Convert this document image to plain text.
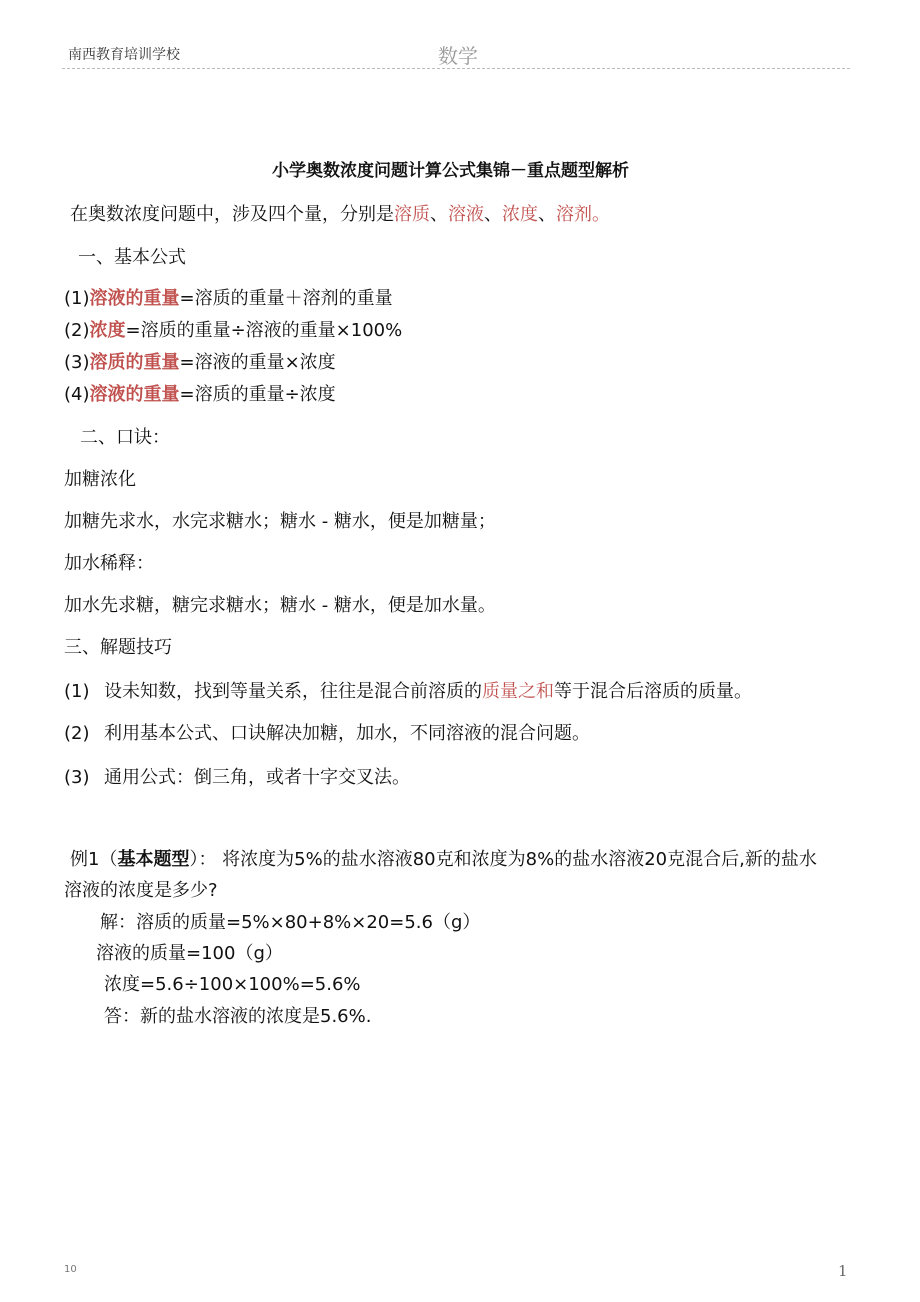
南西教育培训学校	数学
小学奥数浓度问题计算公式集锦－重点题型解析
在奥数浓度问题中，涉及四个量，分别是溶质、溶液、浓度、溶剂。
一、基本公式
(1)溶液的重量=溶质的重量＋溶剂的重量
(2)浓度=溶质的重量÷溶液的重量×100%
(3)溶质的重量=溶液的重量×浓度
(4)溶液的重量=溶质的重量÷浓度
二、口诀：
加糖浓化
加糖先求水，水完求糖水；糖水 - 糖水，便是加糖量；
加水稀释：
加水先求糖，糖完求糖水；糖水 - 糖水，便是加水量。
三、解题技巧
(1) 设未知数，找到等量关系，往往是混合前溶质的质量之和等于混合后溶质的质量。
(2) 利用基本公式、口诀解决加糖，加水，不同溶液的混合问题。
(3) 通用公式：倒三角，或者十字交叉法。
例1（基本题型）： 将浓度为5%的盐水溶液80克和浓度为8%的盐水溶液20克混合后,新的盐水
溶液的浓度是多少?
解：溶质的质量=5%×80+8%×20=5.6（g）
溶液的质量=100（g）
浓度=5.6÷100×100%=5.6%
答：新的盐水溶液的浓度是5.6%.
10	1
